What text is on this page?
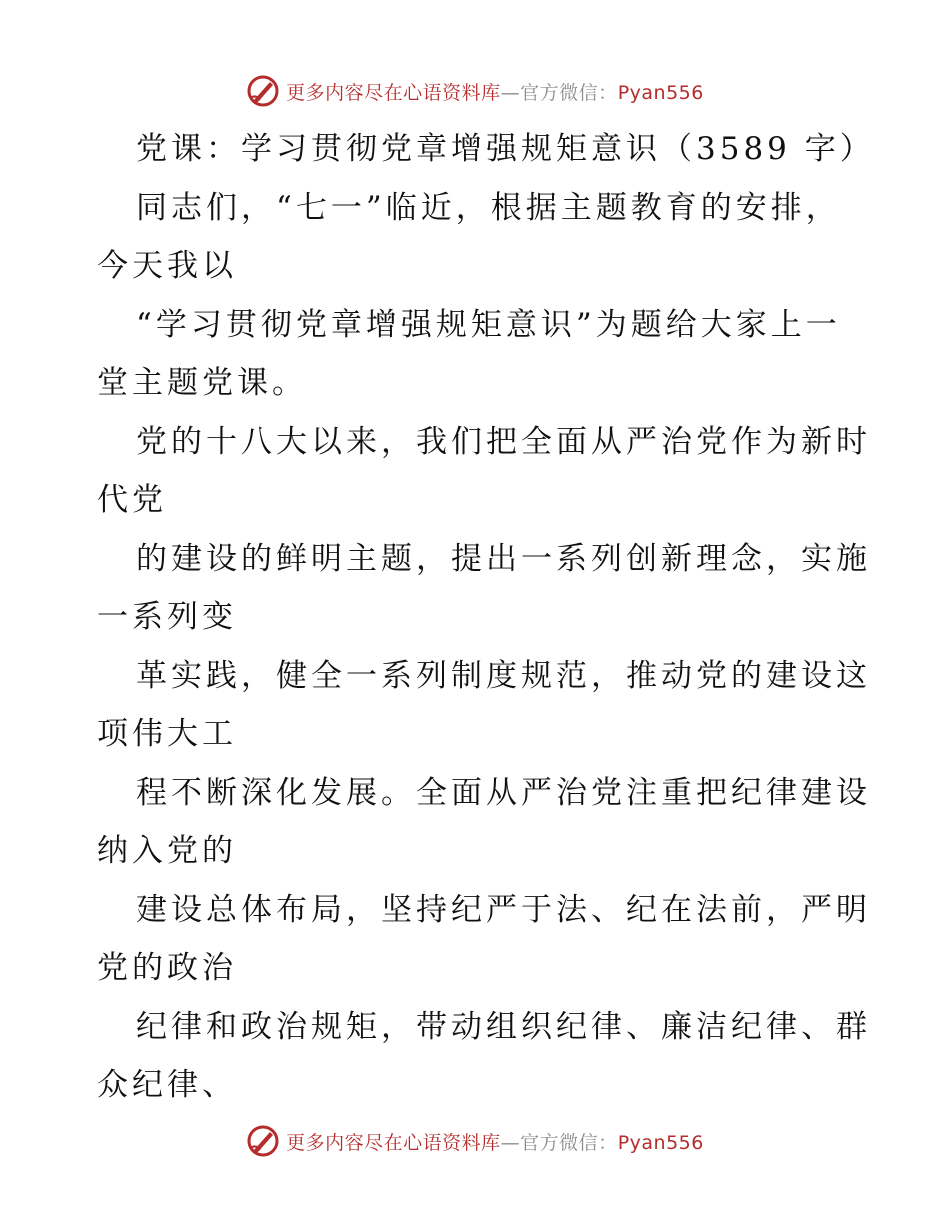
更多内容尽在心语资料库—官方微信：Pyan556
党课：学习贯彻党章增强规矩意识（3589 字）
同志们，“七一”临近，根据主题教育的安排，
今天我以
“学习贯彻党章增强规矩意识”为题给大家上一
堂主题党课。
党的十八大以来，我们把全面从严治党作为新时
代党
的建设的鲜明主题，提出一系列创新理念，实施
一系列变
革实践，健全一系列制度规范，推动党的建设这
项伟大工
程不断深化发展。全面从严治党注重把纪律建设
纳入党的
建设总体布局，坚持纪严于法、纪在法前，严明
党的政治
纪律和政治规矩，带动组织纪律、廉洁纪律、群
众纪律、
更多内容尽在心语资料库—官方微信：Pyan556
